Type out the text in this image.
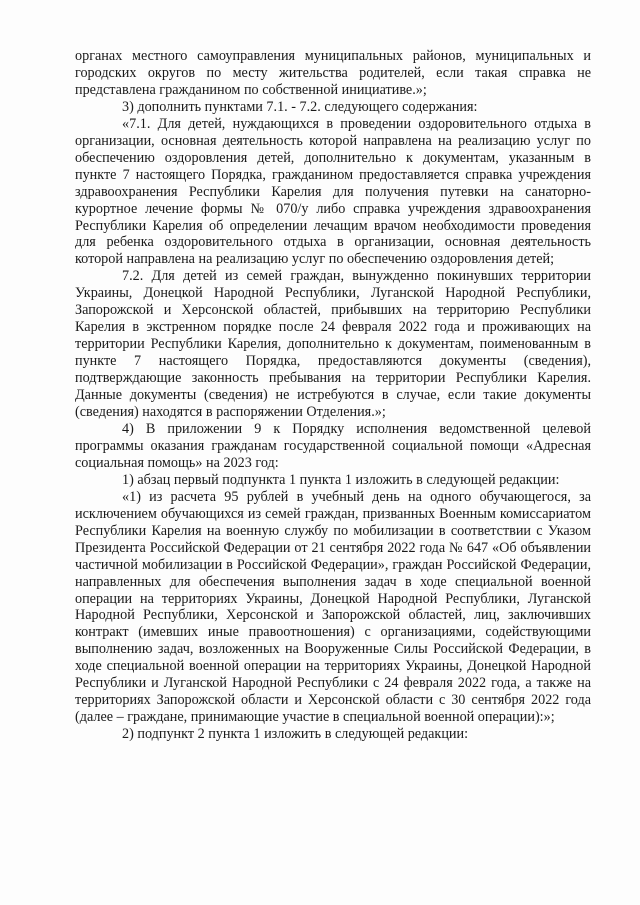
органах местного самоуправления муниципальных районов, муниципальных и городских округов по месту жительства родителей, если такая справка не представлена гражданином по собственной инициативе.»;

3) дополнить пунктами 7.1. - 7.2. следующего содержания:

«7.1. Для детей, нуждающихся в проведении оздоровительного отдыха в организации, основная деятельность которой направлена на реализацию услуг по обеспечению оздоровления детей, дополнительно к документам, указанным в пункте 7 настоящего Порядка, гражданином предоставляется справка учреждения здравоохранения Республики Карелия для получения путевки на санаторно-курортное лечение формы № 070/у либо справка учреждения здравоохранения Республики Карелия об определении лечащим врачом необходимости проведения для ребенка оздоровительного отдыха в организации, основная деятельность которой направлена на реализацию услуг по обеспечению оздоровления детей;

7.2. Для детей из семей граждан, вынужденно покинувших территории Украины, Донецкой Народной Республики, Луганской Народной Республики, Запорожской и Херсонской областей, прибывших на территорию Республики Карелия в экстренном порядке после 24 февраля 2022 года и проживающих на территории Республики Карелия, дополнительно к документам, поименованным в пункте 7 настоящего Порядка, предоставляются документы (сведения), подтверждающие законность пребывания на территории Республики Карелия. Данные документы (сведения) не истребуются в случае, если такие документы (сведения) находятся в распоряжении Отделения.»;

4) В приложении 9 к Порядку исполнения ведомственной целевой программы оказания гражданам государственной социальной помощи «Адресная социальная помощь» на 2023 год:

1) абзац первый подпункта 1 пункта 1 изложить в следующей редакции:

«1) из расчета 95 рублей в учебный день на одного обучающегося, за исключением обучающихся из семей граждан, призванных Военным комиссариатом Республики Карелия на военную службу по мобилизации в соответствии с Указом Президента Российской Федерации от 21 сентября 2022 года № 647 «Об объявлении частичной мобилизации в Российской Федерации», граждан Российской Федерации, направленных для обеспечения выполнения задач в ходе специальной военной операции на территориях Украины, Донецкой Народной Республики, Луганской Народной Республики, Херсонской и Запорожской областей, лиц, заключивших контракт (имевших иные правоотношения) с организациями, содействующими выполнению задач, возложенных на Вооруженные Силы Российской Федерации, в ходе специальной военной операции на территориях Украины, Донецкой Народной Республики и Луганской Народной Республики с 24 февраля 2022 года, а также на территориях Запорожской области и Херсонской области с 30 сентября 2022 года (далее – граждане, принимающие участие в специальной военной операции):»;

2) подпункт 2 пункта 1 изложить в следующей редакции:
